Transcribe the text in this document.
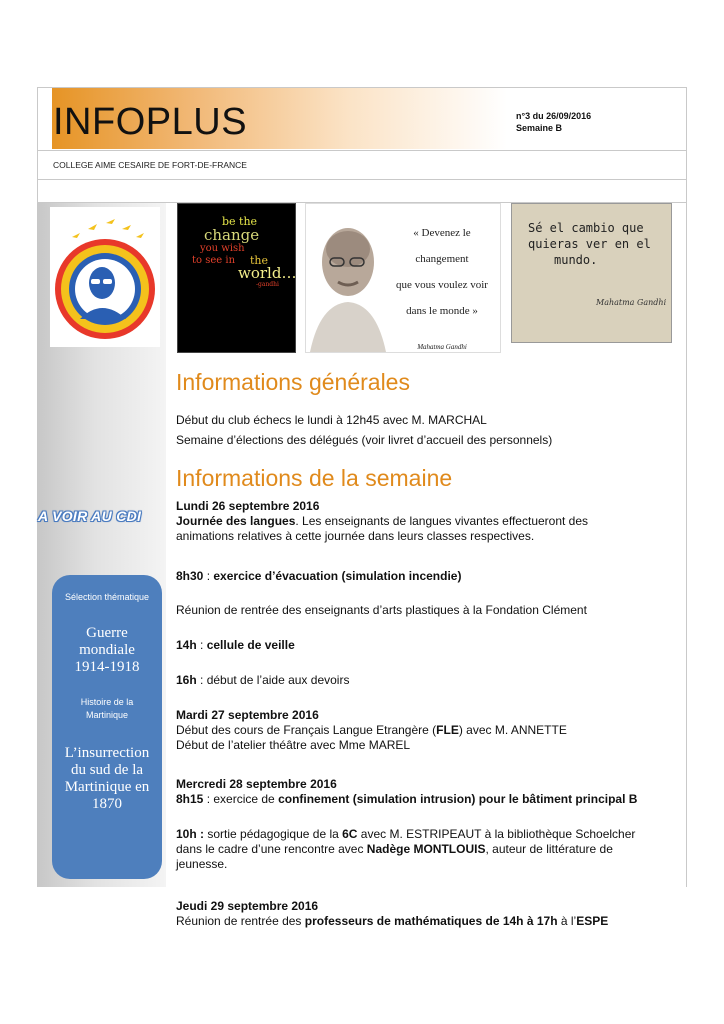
INFOPLUS	n°3 du 26/09/2016
Semaine B
COLLEGE AIME CESAIRE DE FORT-DE-FRANCE
A VOIR AU CDI
Sélection thématique
Guerre
mondiale
1914-1918
Histoire de la
Martinique
L’insurrection
du sud de la
Martinique en
1870
be the
change
you wish
to see in	the
world…
-gandhi
« Devenez le changement
que vous voulez voir
dans le monde »
Mahatma Gandhi
Sé el cambio que
quieras ver en el
mundo.
Mahatma Gandhi
Informations générales
Début du club échecs le lundi à 12h45 avec M. MARCHAL
Semaine d’élections des délégués (voir livret d’accueil des personnels)
Informations de la semaine
Lundi 26 septembre 2016
Journée des langues. Les enseignants de langues vivantes effectueront des
animations relatives à cette journée dans leurs classes respectives.
8h30 : exercice d’évacuation (simulation incendie)
Réunion de rentrée des enseignants d’arts plastiques à la Fondation Clément
14h : cellule de veille
16h : début de l’aide aux devoirs
Mardi 27 septembre 2016
Début des cours de Français Langue Etrangère (FLE) avec M. ANNETTE
Début de l’atelier théâtre avec Mme MAREL
Mercredi 28 septembre 2016
8h15 : exercice de confinement (simulation intrusion) pour le bâtiment principal B
10h : sortie pédagogique de la 6C avec M. ESTRIPEAUT à la bibliothèque Schoelcher
dans le cadre d’une rencontre avec Nadège MONTLOUIS, auteur de littérature de
jeunesse.
Jeudi 29 septembre 2016
Réunion de rentrée des professeurs de mathématiques de 14h à 17h à l’ESPE
